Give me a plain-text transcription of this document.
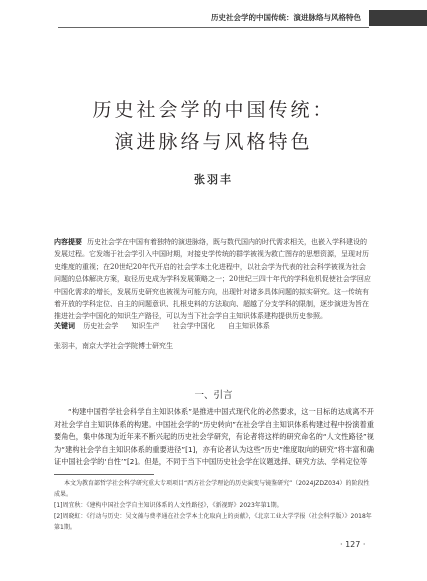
历史社会学的中国传统：演进脉络与风格特色
历史社会学的中国传统：
演进脉络与风格特色
张羽丰
内容提要 历史社会学在中国有着独特的演进脉络，既与数代国内的时代需求相关，也嵌入学科建设的发展过程。它发端于社会学引入中国时期，对接史学传统的群学被视为救亡图存的思想资源，呈现对历史维度的重视；在20世纪20年代开启的社会学本土化进程中，以社会学为代表的社会科学被视为社会问题的总体解决方案，取径历史成为学科发展策略之一；20世纪三四十年代的学科危机促使社会学回应中国化需求的增长，发展历史研究也被视为可能方向，出现针对诸多具体问题的拟实研究。这一传统有着开放的学科定位、自主的问题意识、扎根史料的方法取向、超越了分支学科的限制，逐步演进为旨在推进社会学中国化的知识生产路径，可以为当下社会学自主知识体系建构提供历史参照。
关键词 历史社会学 知识生产 社会学中国化 自主知识体系
张羽丰，南京大学社会学院博士研究生
一、引言
“构建中国哲学社会科学自主知识体系”是推进中国式现代化的必然要求，这一目标的达成离不开对社会学自主知识体系的构建。中国社会学的“历史转向”在社会学自主知识体系构建过程中扮演着重要角色，集中体现为近年来不断兴起的历史社会学研究，有论者将这样的研究命名的“人文性路径”视为“建构社会学自主知识体系的重要进径”[1]，亦有论者认为这些“历史”维度取向的研究“将丰富和确证中国社会学的‘自性’”[2]。但是，不同于当下中国历史社会学在议题选择、研究方法、学科定位等

本文为教育部哲学社会科学研究重大专项项目“西方社会学理论的历史演变与镜鉴研究”（2024JZDZ034）的阶段性成果。

[1]周宜秋：《建构中国社会学自主知识体系的人文性路径》，《新视野》2023年第1期。

[2]周晓虹：《行动与历史：吴文藻与费孝通在社会学本土化取向上的贡献》，《北京工业大学学报（社会科学版）》2018年第1期。

· 127 ·
